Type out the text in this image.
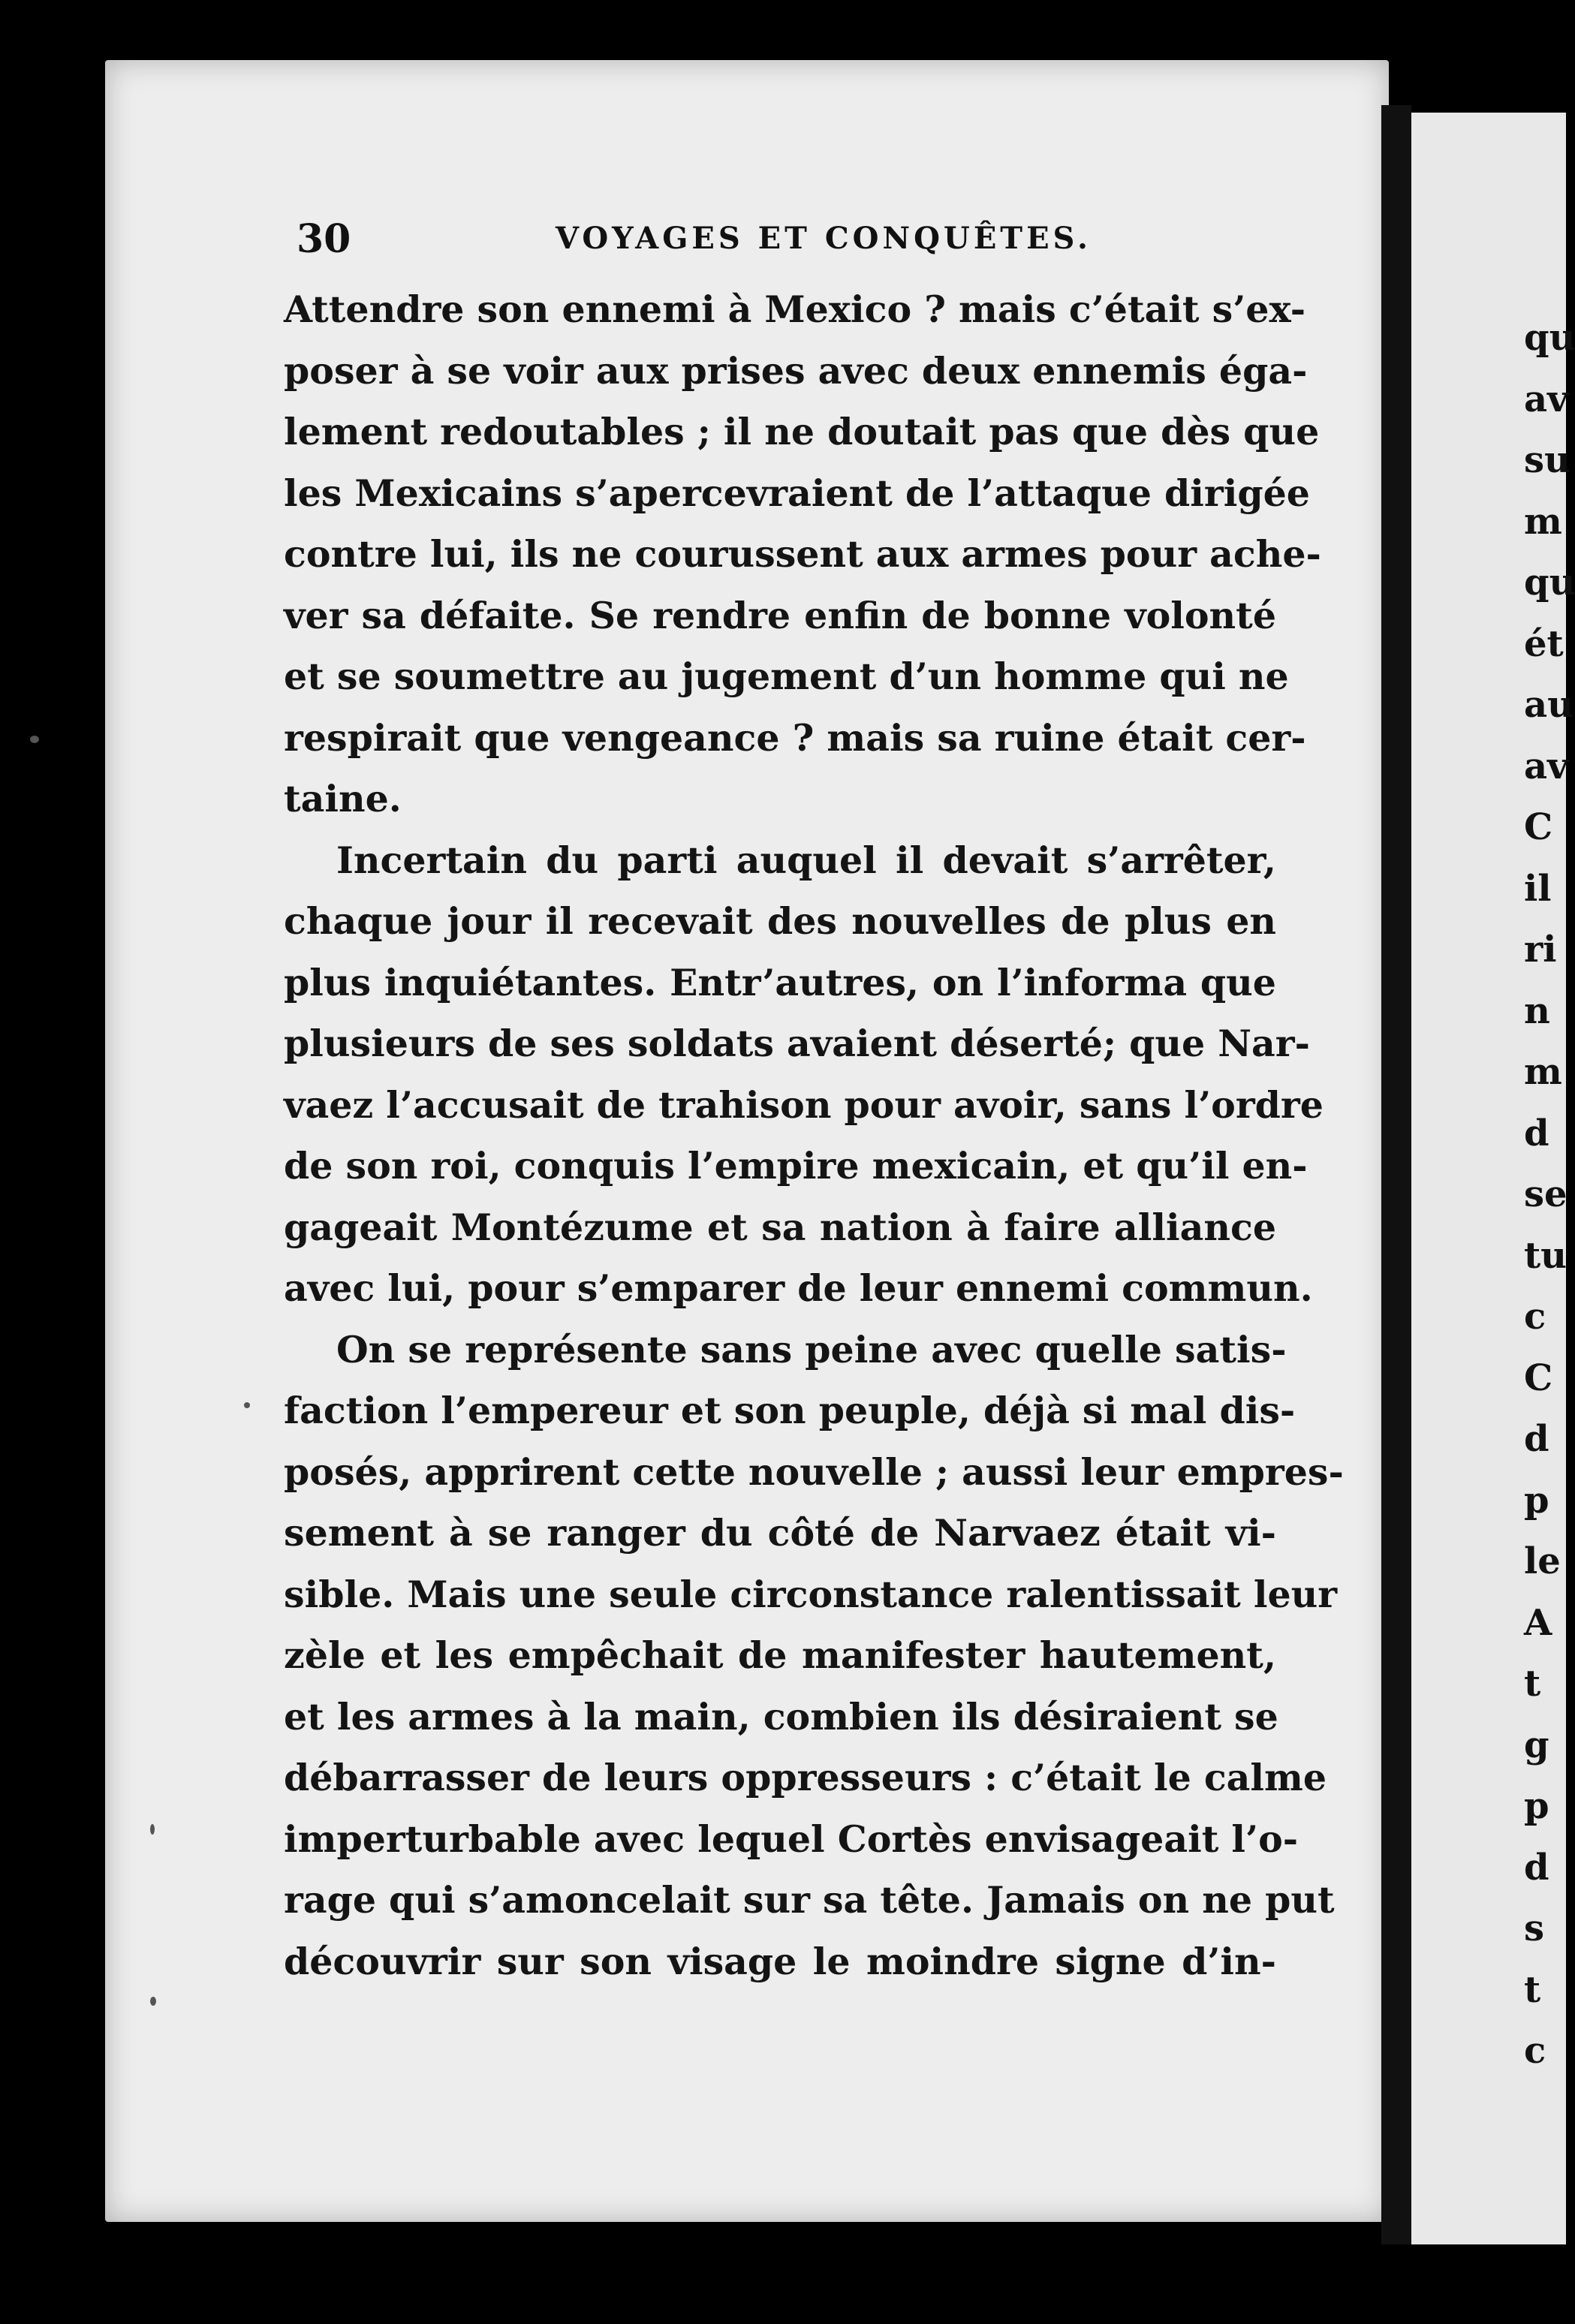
30	VOYAGES ET CONQUÊTES.
Attendre son ennemi à Mexico ? mais c’était s’ex-
poser à se voir aux prises avec deux ennemis éga-
lement redoutables ; il ne doutait pas que dès que
les Mexicains s’apercevraient de l’attaque dirigée
contre lui, ils ne courussent aux armes pour ache-
ver sa défaite. Se rendre enfin de bonne volonté
et se soumettre au jugement d’un homme qui ne
respirait que vengeance ? mais sa ruine était cer-
taine.
Incertain du parti auquel il devait s’arrêter,
chaque jour il recevait des nouvelles de plus en
plus inquiétantes. Entr’autres, on l’informa que
plusieurs de ses soldats avaient déserté; que Nar-
vaez l’accusait de trahison pour avoir, sans l’ordre
de son roi, conquis l’empire mexicain, et qu’il en-
gageait Montézume et sa nation à faire alliance
avec lui, pour s’emparer de leur ennemi commun.
On se représente sans peine avec quelle satis-
faction l’empereur et son peuple, déjà si mal dis-
posés, apprirent cette nouvelle ; aussi leur empres-
sement à se ranger du côté de Narvaez était vi-
sible. Mais une seule circonstance ralentissait leur
zèle et les empêchait de manifester hautement,
et les armes à la main, combien ils désiraient se
débarrasser de leurs oppresseurs : c’était le calme
imperturbable avec lequel Cortès envisageait l’o-
rage qui s’amoncelait sur sa tête. Jamais on ne put
découvrir sur son visage le moindre signe d’in-
qu
av
su
m
qu
ét
au
av
C
il
ri
n
m
d
se
tu
c
C
d
p
le
A
t
g
p
d
s
t
c
